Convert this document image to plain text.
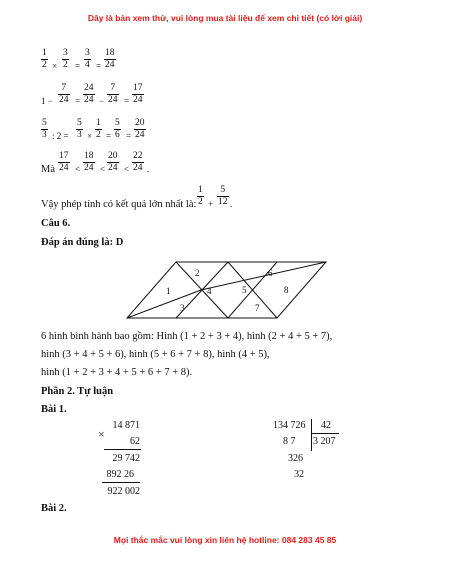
Dây là bản xem thử, vui lòng mua tài liệu để xem chi tiết (có lời giải)
$\frac{1}{2} \times \frac{3}{2} = \frac{3}{4} = \frac{18}{24}$
$1 - \frac{7}{24} = \frac{24}{24} - \frac{7}{24} = \frac{17}{24}$
$\frac{5}{3}$ : $2 = \frac{5}{3} \times \frac{1}{2} = \frac{5}{6} = \frac{20}{24}$
Mà $\frac{17}{24} < \frac{18}{24} < \frac{20}{24} < \frac{22}{24}$ .
Vậy phép tính có kết quả lớn nhất là: $\frac{1}{2} + \frac{5}{12}$ .
Câu 6.
Đáp án đúng là: D
2	6
1	4	5	8
3	7
6 hình bình hành bao gồm: Hình (1 + 2 + 3 + 4), hình (2 + 4 + 5 + 7),
hình (3 + 4 + 5 + 6), hình (5 + 6 + 7 + 8), hình (4 + 5),
hình (1 + 2 + 3 + 4 + 5 + 6 + 7 + 8).
Phần 2. Tự luận
Bài 1.
×
14 871
62
29 742
892 26
922 002
134 726 42
8 7 3 207
326
32
Bài 2.
Mọi thắc mắc vui lòng xin liên hệ hotline: 084 283 45 85
